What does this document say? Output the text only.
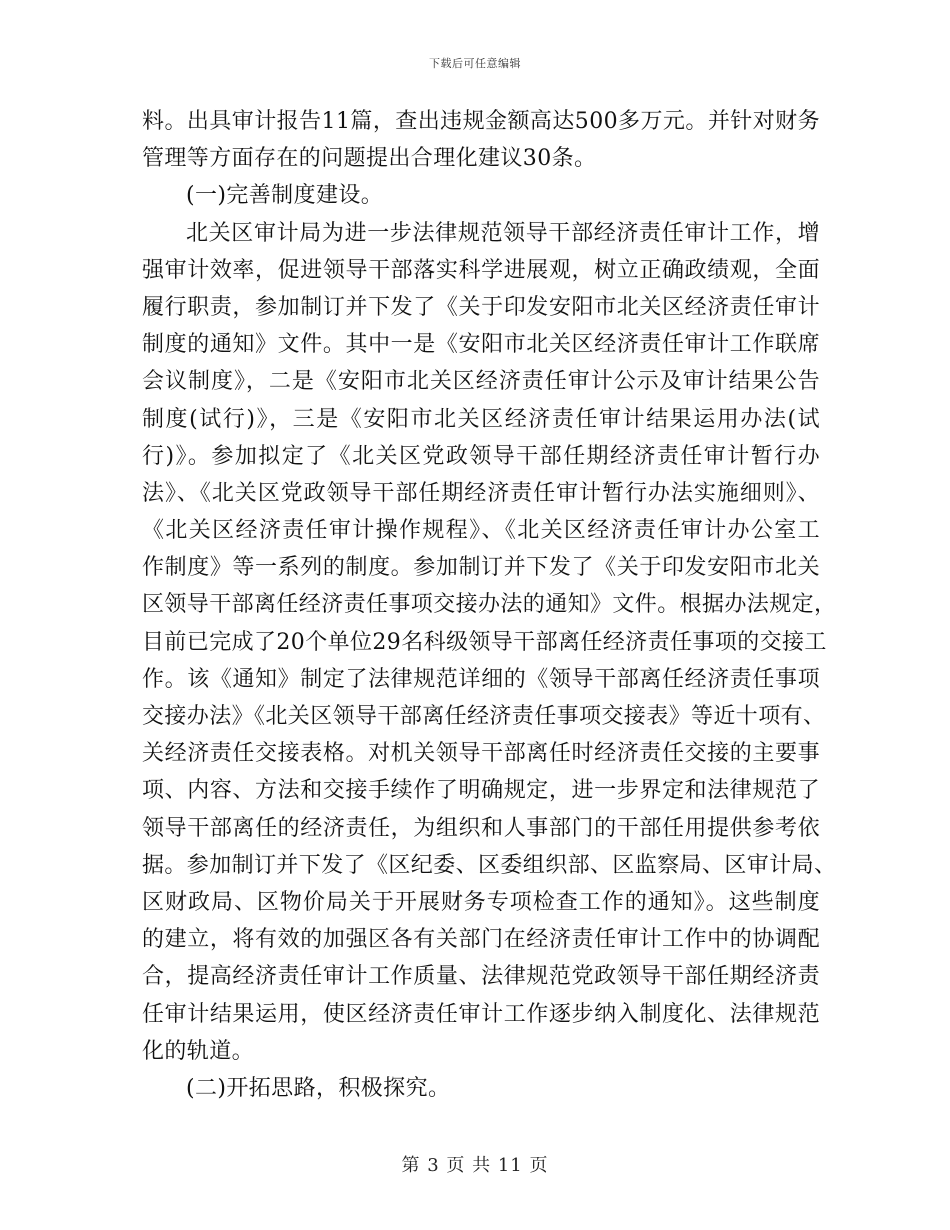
下载后可任意编辑
料。出具审计报告11篇，查出违规金额高达500多万元。并针对财务
管理等方面存在的问题提出合理化建议30条。
(一)完善制度建设。
北关区审计局为进一步法律规范领导干部经济责任审计工作，增
强审计效率，促进领导干部落实科学进展观，树立正确政绩观，全面
履行职责，参加制订并下发了《关于印发安阳市北关区经济责任审计
制度的通知》文件。其中一是《安阳市北关区经济责任审计工作联席
会议制度》，二是《安阳市北关区经济责任审计公示及审计结果公告
制度(试行)》，三是《安阳市北关区经济责任审计结果运用办法(试
行)》。参加拟定了《北关区党政领导干部任期经济责任审计暂行办
法》、《北关区党政领导干部任期经济责任审计暂行办法实施细则》、
《北关区经济责任审计操作规程》、《北关区经济责任审计办公室工
作制度》等一系列的制度。参加制订并下发了《关于印发安阳市北关
区领导干部离任经济责任事项交接办法的通知》文件。根据办法规定，
目前已完成了20个单位29名科级领导干部离任经济责任事项的交接工
作。该《通知》制定了法律规范详细的《领导干部离任经济责任事项
交接办法》《北关区领导干部离任经济责任事项交接表》等近十项有、
关经济责任交接表格。对机关领导干部离任时经济责任交接的主要事
项、内容、方法和交接手续作了明确规定，进一步界定和法律规范了
领导干部离任的经济责任，为组织和人事部门的干部任用提供参考依
据。参加制订并下发了《区纪委、区委组织部、区监察局、区审计局、
区财政局、区物价局关于开展财务专项检查工作的通知》。这些制度
的建立，将有效的加强区各有关部门在经济责任审计工作中的协调配
合，提高经济责任审计工作质量、法律规范党政领导干部任期经济责
任审计结果运用，使区经济责任审计工作逐步纳入制度化、法律规范
化的轨道。
(二)开拓思路，积极探究。
第 3 页 共 11 页
